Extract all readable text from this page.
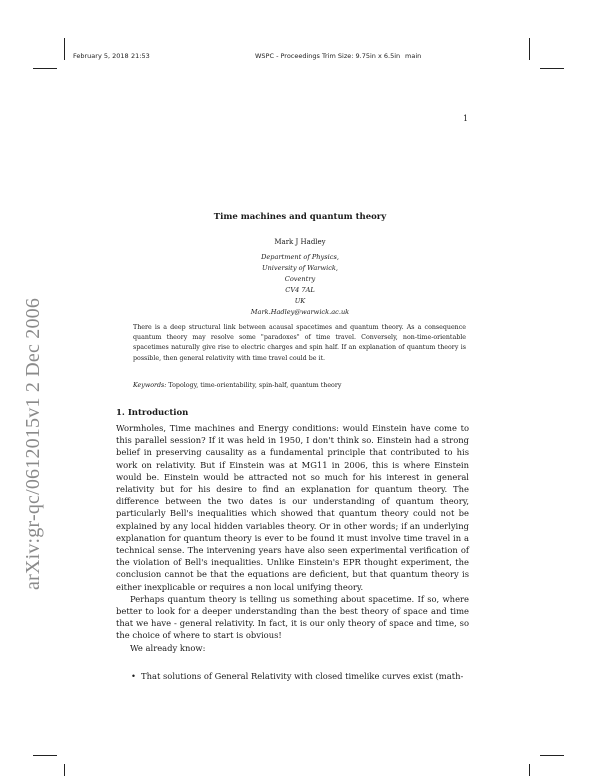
February 5, 2018 21:53	WSPC - Proceedings Trim Size: 9.75in x 6.5in main
1
arXiv:gr-qc/0612015v1 2 Dec 2006
Time machines and quantum theory
Mark J Hadley
Department of Physics,
University of Warwick,
Coventry
CV4 7AL
UK
Mark.Hadley@warwick.ac.uk
There is a deep structural link between acausal spacetimes and quantum theory. As a consequence quantum theory may resolve some "paradoxes" of time travel. Conversely, non-time-orientable spacetimes naturally give rise to electric charges and spin half. If an explanation of quantum theory is possible, then general relativity with time travel could be it.
Keywords: Topology, time-orientability, spin-half, quantum theory
1. Introduction

Wormholes, Time machines and Energy conditions: would Einstein have come to this parallel session? If it was held in 1950, I don't think so. Einstein had a strong belief in preserving causality as a fundamental principle that contributed to his work on relativity. But if Einstein was at MG11 in 2006, this is where Einstein would be. Einstein would be attracted not so much for his interest in general relativity but for his desire to find an explanation for quantum theory. The difference between the two dates is our understanding of quantum theory, particularly Bell's inequalities which showed that quantum theory could not be explained by any local hidden variables theory. Or in other words; if an underlying explanation for quantum theory is ever to be found it must involve time travel in a technical sense. The intervening years have also seen experimental verification of the violation of Bell's inequalities. Unlike Einstein's EPR thought experiment, the conclusion cannot be that the equations are deficient, but that quantum theory is either inexplicable or requires a non local unifying theory.

Perhaps quantum theory is telling us something about spacetime. If so, where better to look for a deeper understanding than the best theory of space and time that we have - general relativity. In fact, it is our only theory of space and time, so the choice of where to start is obvious!

We already know:

• That solutions of General Relativity with closed timelike curves exist (math-
